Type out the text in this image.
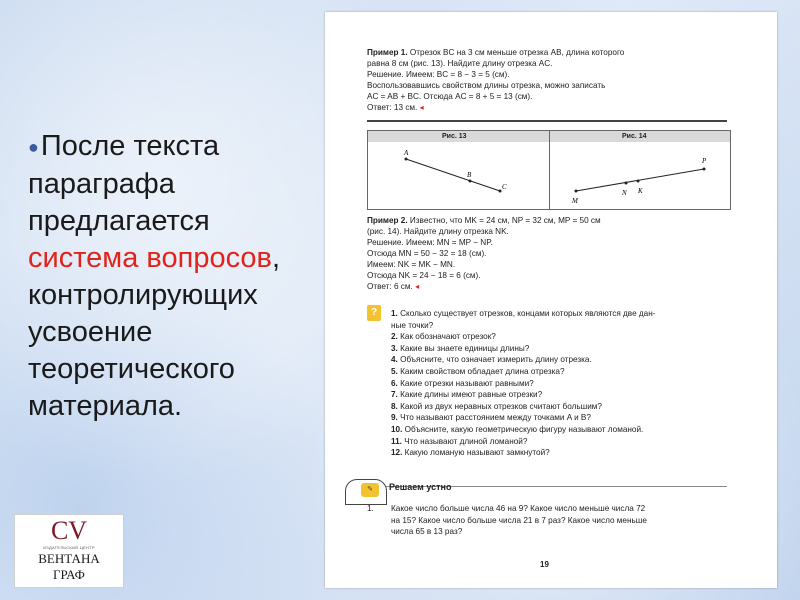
●После текста параграфа предлагается система вопросов, контролирующих усвоение теоретического материала.
CV
ИЗДАТЕЛЬСКИЙ ЦЕНТР
ВЕНТАНА
ГРАФ
Пример 1. Отрезок BC на 3 см меньше отрезка AB, длина которого
равна 8 см (рис. 13). Найдите длину отрезка AC.
Решение. Имеем: BC = 8 − 3 = 5 (см).
Воспользовавшись свойством длины отрезка, можно записать
AC = AB + BC. Отсюда AC = 8 + 5 = 13 (см).
Ответ: 13 см. ◂
Рис. 13	Рис. 14
A
B
C
M
N K
P
Пример 2. Известно, что MK = 24 см, NP = 32 см, MP = 50 см
(рис. 14). Найдите длину отрезка NK.
Решение. Имеем: MN = MP − NP.
Отсюда MN = 50 − 32 = 18 (см).
Имеем: NK = MK − MN.
Отсюда NK = 24 − 18 = 6 (см).
Ответ: 6 см. ◂
?	1. Сколько существует отрезков, концами которых являются две дан-
ные точки?
2. Как обозначают отрезок?
3. Какие вы знаете единицы длины?
4. Объясните, что означает измерить длину отрезка.
5. Каким свойством обладает длина отрезка?
6. Какие отрезки называют равными?
7. Какие длины имеют равные отрезки?
8. Какой из двух неравных отрезков считают большим?
9. Что называют расстоянием между точками A и B?
10. Объясните, какую геометрическую фигуру называют ломаной.
11. Что называют длиной ломаной?
12. Какую ломаную называют замкнутой?
✎	Решаем устно
1. Какое число больше числа 46 на 9? Какое число меньше числа 72
на 15? Какое число больше числа 21 в 7 раз? Какое число меньше
числа 65 в 13 раз?
19
